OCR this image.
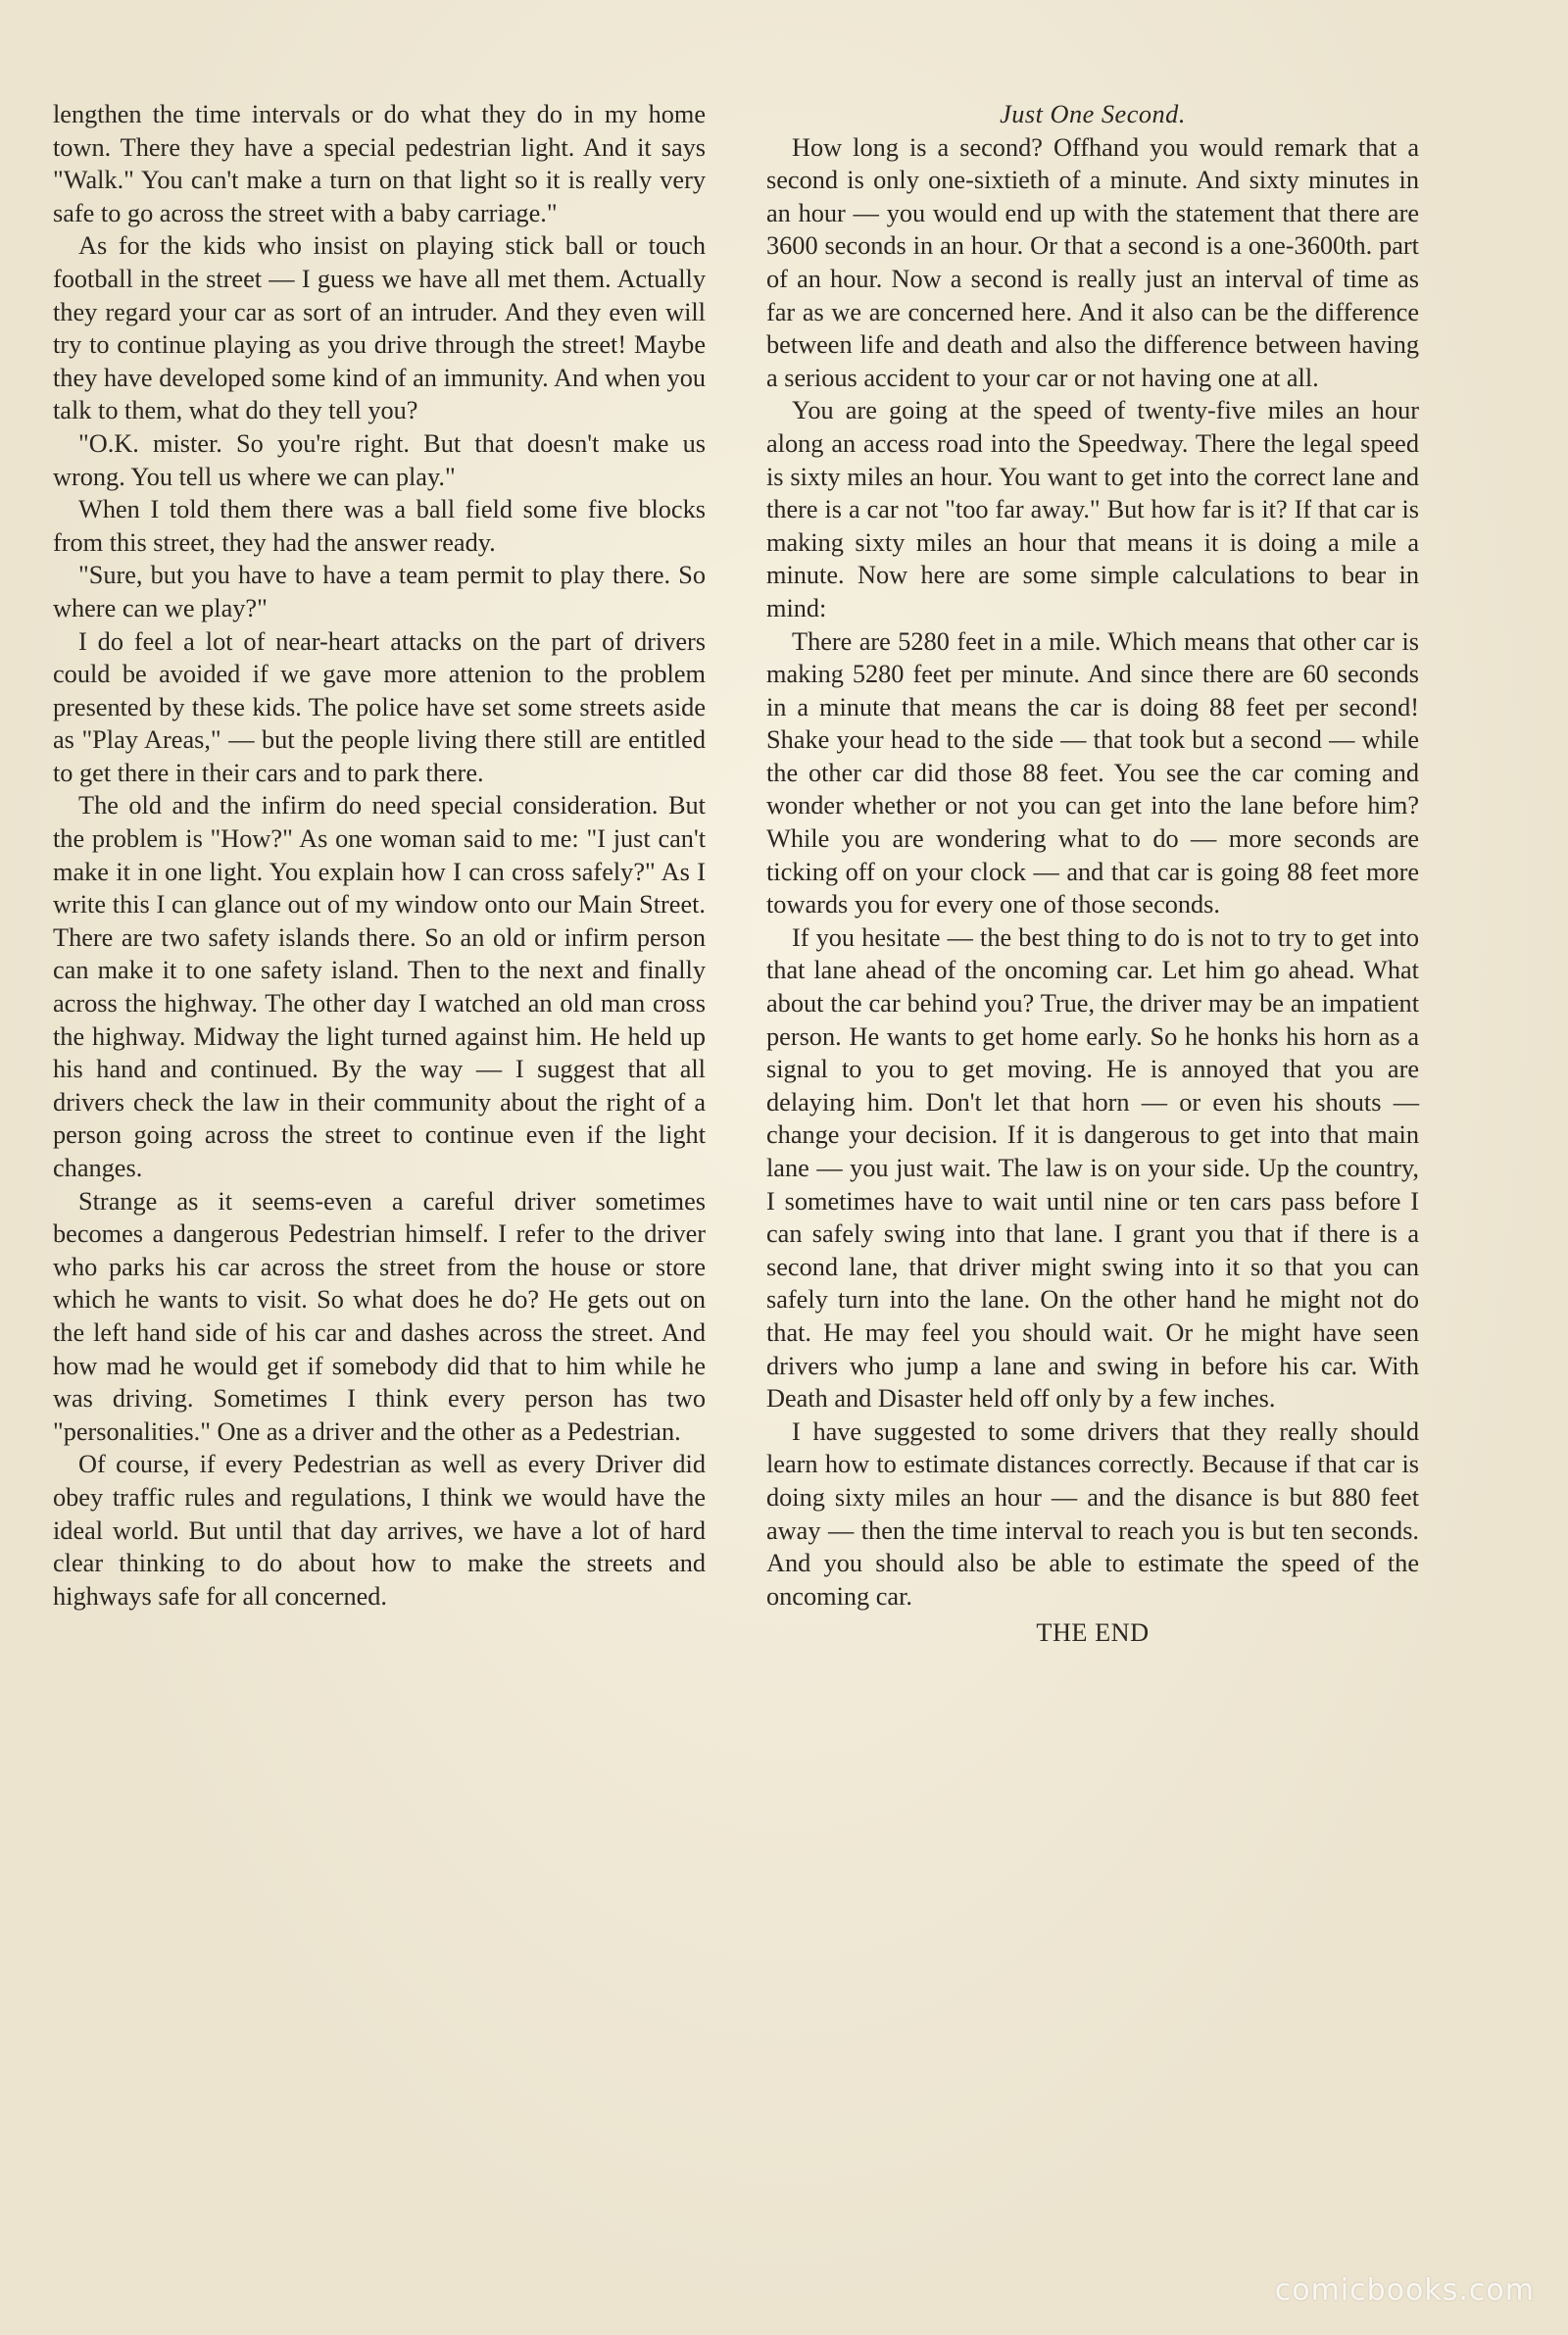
lengthen the time intervals or do what they do in my home town. There they have a special pedestrian light. And it says "Walk." You can't make a turn on that light so it is really very safe to go across the street with a baby carriage."

As for the kids who insist on playing stick ball or touch football in the street — I guess we have all met them. Actually they regard your car as sort of an intruder. And they even will try to continue playing as you drive through the street! Maybe they have developed some kind of an immunity. And when you talk to them, what do they tell you?

"O.K. mister. So you're right. But that doesn't make us wrong. You tell us where we can play."

When I told them there was a ball field some five blocks from this street, they had the answer ready.

"Sure, but you have to have a team permit to play there. So where can we play?"

I do feel a lot of near-heart attacks on the part of drivers could be avoided if we gave more attenion to the problem presented by these kids. The police have set some streets aside as "Play Areas," — but the people living there still are entitled to get there in their cars and to park there.

The old and the infirm do need special consideration. But the problem is "How?" As one woman said to me: "I just can't make it in one light. You explain how I can cross safely?" As I write this I can glance out of my window onto our Main Street. There are two safety islands there. So an old or infirm person can make it to one safety island. Then to the next and finally across the highway. The other day I watched an old man cross the highway. Midway the light turned against him. He held up his hand and continued. By the way — I suggest that all drivers check the law in their community about the right of a person going across the street to continue even if the light changes.

Strange as it seems-even a careful driver sometimes becomes a dangerous Pedestrian himself. I refer to the driver who parks his car across the street from the house or store which he wants to visit. So what does he do? He gets out on the left hand side of his car and dashes across the street. And how mad he would get if somebody did that to him while he was driving. Sometimes I think every person has two "personalities." One as a driver and the other as a Pedestrian.

Of course, if every Pedestrian as well as every Driver did obey traffic rules and regulations, I think we would have the ideal world. But until that day arrives, we have a lot of hard clear thinking to do about how to make the streets and highways safe for all concerned.

Just One Second.

How long is a second? Offhand you would remark that a second is only one-sixtieth of a minute. And sixty minutes in an hour — you would end up with the statement that there are 3600 seconds in an hour. Or that a second is a one-3600th. part of an hour. Now a second is really just an interval of time as far as we are concerned here. And it also can be the difference between life and death and also the difference between having a serious accident to your car or not having one at all.

You are going at the speed of twenty-five miles an hour along an access road into the Speedway. There the legal speed is sixty miles an hour. You want to get into the correct lane and there is a car not "too far away." But how far is it? If that car is making sixty miles an hour that means it is doing a mile a minute. Now here are some simple calculations to bear in mind:

There are 5280 feet in a mile. Which means that other car is making 5280 feet per minute. And since there are 60 seconds in a minute that means the car is doing 88 feet per second! Shake your head to the side — that took but a second — while the other car did those 88 feet. You see the car coming and wonder whether or not you can get into the lane before him? While you are wondering what to do — more seconds are ticking off on your clock — and that car is going 88 feet more towards you for every one of those seconds.

If you hesitate — the best thing to do is not to try to get into that lane ahead of the oncoming car. Let him go ahead. What about the car behind you? True, the driver may be an impatient person. He wants to get home early. So he honks his horn as a signal to you to get moving. He is annoyed that you are delaying him. Don't let that horn — or even his shouts — change your decision. If it is dangerous to get into that main lane — you just wait. The law is on your side. Up the country, I sometimes have to wait until nine or ten cars pass before I can safely swing into that lane. I grant you that if there is a second lane, that driver might swing into it so that you can safely turn into the lane. On the other hand he might not do that. He may feel you should wait. Or he might have seen drivers who jump a lane and swing in before his car. With Death and Disaster held off only by a few inches.

I have suggested to some drivers that they really should learn how to estimate distances correctly. Because if that car is doing sixty miles an hour — and the disance is but 880 feet away — then the time interval to reach you is but ten seconds. And you should also be able to estimate the speed of the oncoming car.

THE END
comicbooks.com
